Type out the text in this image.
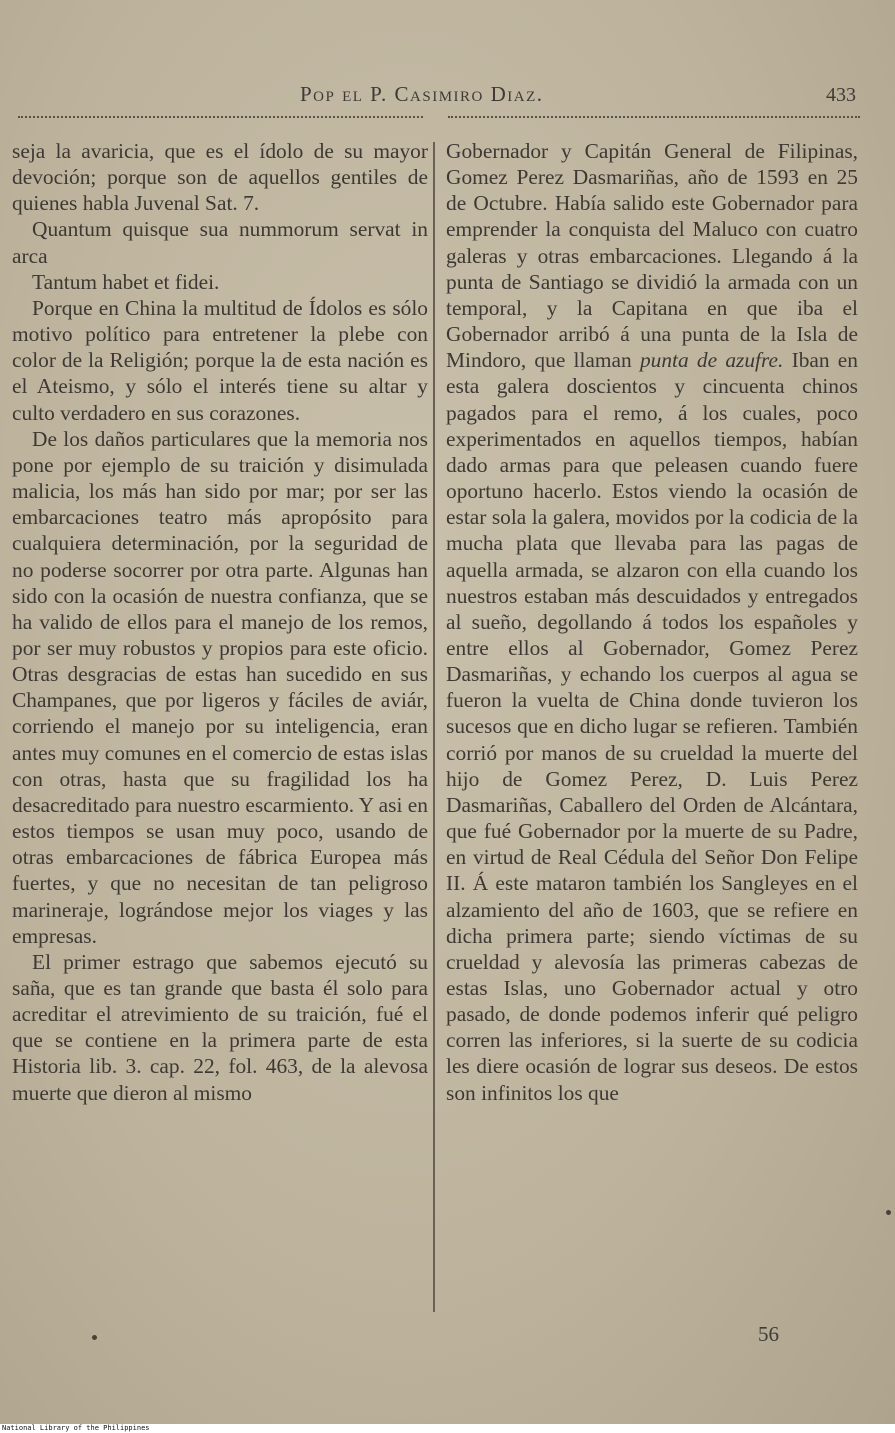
Pop el P. Casimiro Diaz.	433

seja la avaricia, que es el ídolo de su mayor devoción; porque son de aquellos gentiles de quienes habla Juvenal Sat. 7.

Quantum quisque sua nummorum servat in arca

Tantum habet et fidei.

Porque en China la multitud de Ídolos es sólo motivo político para entretener la plebe con color de la Religión; porque la de esta nación es el Ateismo, y sólo el interés tiene su altar y culto verdadero en sus corazones.

De los daños particulares que la memoria nos pone por ejemplo de su traición y disimulada malicia, los más han sido por mar; por ser las embarcaciones teatro más apropósito para cualquiera determinación, por la seguridad de no poderse socorrer por otra parte. Algunas han sido con la ocasión de nuestra confianza, que se ha valido de ellos para el manejo de los remos, por ser muy robustos y propios para este oficio. Otras desgracias de estas han sucedido en sus Champanes, que por ligeros y fáciles de aviár, corriendo el manejo por su inteligencia, eran antes muy comunes en el comercio de estas islas con otras, hasta que su fragilidad los ha desacreditado para nuestro escarmiento. Y asi en estos tiempos se usan muy poco, usando de otras embarcaciones de fábrica Europea más fuertes, y que no necesitan de tan peligroso marineraje, lográndose mejor los viages y las empresas.

El primer estrago que sabemos ejecutó su saña, que es tan grande que basta él solo para acreditar el atrevimiento de su traición, fué el que se contiene en la primera parte de esta Historia lib. 3. cap. 22, fol. 463, de la alevosa muerte que dieron al mismo

Gobernador y Capitán General de Filipinas, Gomez Perez Dasmariñas, año de 1593 en 25 de Octubre. Había salido este Gobernador para emprender la conquista del Maluco con cuatro galeras y otras embarcaciones. Llegando á la punta de Santiago se dividió la armada con un temporal, y la Capitana en que iba el Gobernador arribó á una punta de la Isla de Mindoro, que llaman punta de azufre. Iban en esta galera doscientos y cincuenta chinos pagados para el remo, á los cuales, poco experimentados en aquellos tiempos, habían dado armas para que peleasen cuando fuere oportuno hacerlo. Estos viendo la ocasión de estar sola la galera, movidos por la codicia de la mucha plata que llevaba para las pagas de aquella armada, se alzaron con ella cuando los nuestros estaban más descuidados y entregados al sueño, degollando á todos los españoles y entre ellos al Gobernador, Gomez Perez Dasmariñas, y echando los cuerpos al agua se fueron la vuelta de China donde tuvieron los sucesos que en dicho lugar se refieren. También corrió por manos de su crueldad la muerte del hijo de Gomez Perez, D. Luis Perez Dasmariñas, Caballero del Orden de Alcántara, que fué Gobernador por la muerte de su Padre, en virtud de Real Cédula del Señor Don Felipe II. Á este mataron también los Sangleyes en el alzamiento del año de 1603, que se refiere en dicha primera parte; siendo víctimas de su crueldad y alevosía las primeras cabezas de estas Islas, uno Gobernador actual y otro pasado, de donde podemos inferir qué peligro corren las inferiores, si la suerte de su codicia les diere ocasión de lograr sus deseos. De estos son infinitos los que

56
National Library of the Philippines
